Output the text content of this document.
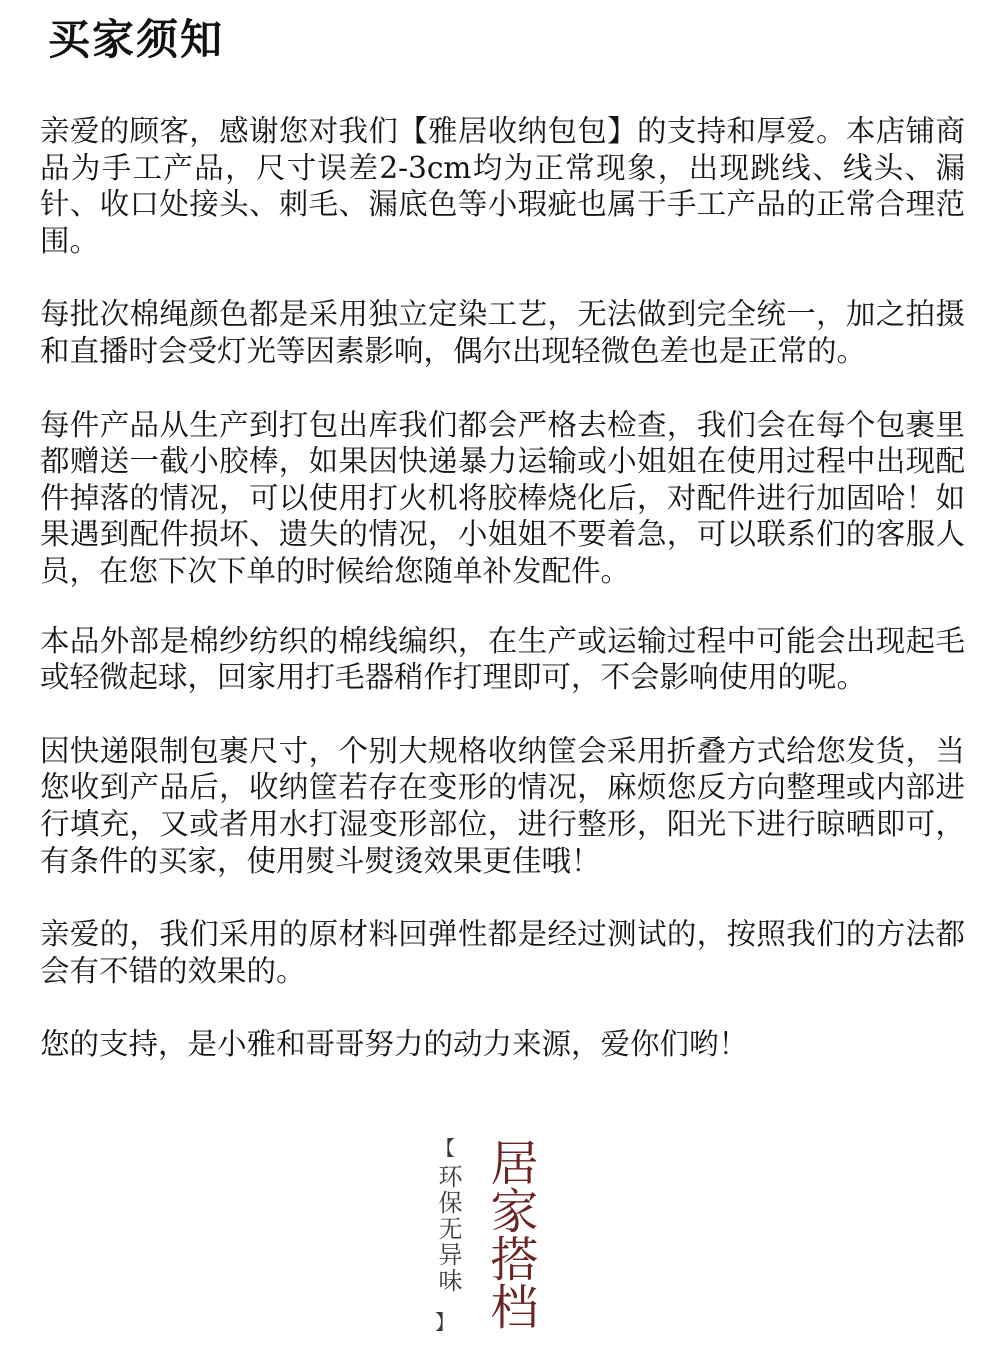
买家须知

亲爱的顾客，感谢您对我们【雅居收纳包包】的支持和厚爱。本店铺商品为手工产品，尺寸误差2-3cm均为正常现象，出现跳线、线头、漏针、收口处接头、刺毛、漏底色等小瑕疵也属于手工产品的正常合理范围。

每批次棉绳颜色都是采用独立定染工艺，无法做到完全统一，加之拍摄和直播时会受灯光等因素影响，偶尔出现轻微色差也是正常的。

每件产品从生产到打包出库我们都会严格去检查，我们会在每个包裹里都赠送一截小胶棒，如果因快递暴力运输或小姐姐在使用过程中出现配件掉落的情况，可以使用打火机将胶棒烧化后，对配件进行加固哈！如果遇到配件损坏、遗失的情况，小姐姐不要着急，可以联系们的客服人员，在您下次下单的时候给您随单补发配件。

本品外部是棉纱纺织的棉线编织，在生产或运输过程中可能会出现起毛或轻微起球，回家用打毛器稍作打理即可，不会影响使用的呢。

因快递限制包裹尺寸，个别大规格收纳筐会采用折叠方式给您发货，当您收到产品后，收纳筐若存在变形的情况，麻烦您反方向整理或内部进行填充，又或者用水打湿变形部位，进行整形，阳光下进行晾晒即可，有条件的买家，使用熨斗熨烫效果更佳哦！

亲爱的，我们采用的原材料回弹性都是经过测试的，按照我们的方法都会有不错的效果的。

您的支持，是小雅和哥哥努力的动力来源，爱你们哟！

【
环保无异味
】 居家搭档
